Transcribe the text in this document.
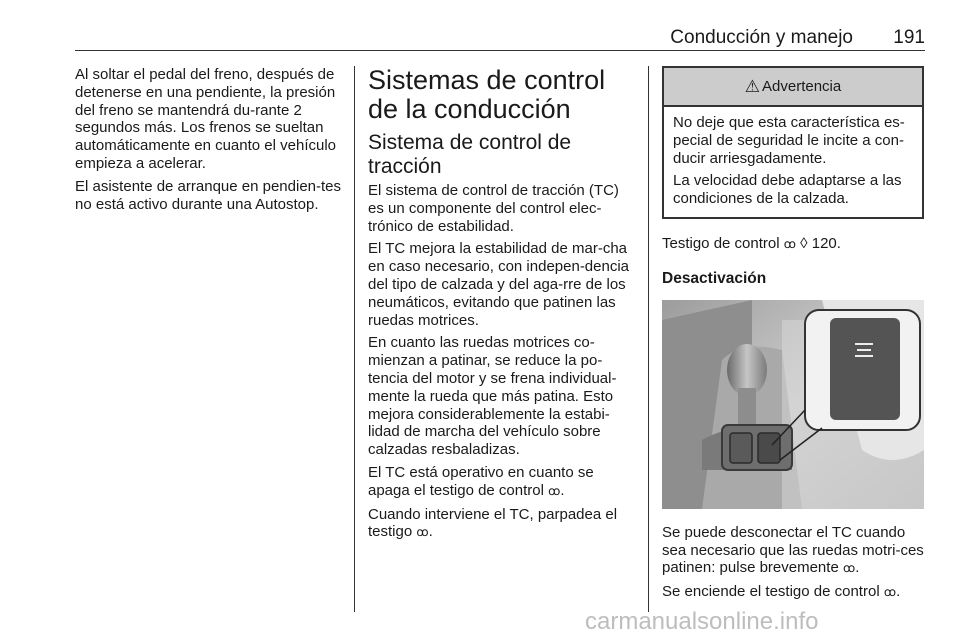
Conducción y manejo 191

Al soltar el pedal del freno, después de detenerse en una pendiente, la presión del freno se mantendrá du-rante 2 segundos más. Los frenos se sueltan automáticamente en cuanto el vehículo empieza a acelerar.

El asistente de arranque en pendien-tes no está activo durante una Autostop.

Sistemas de control de la conducción
Sistema de control de tracción

El sistema de control de tracción (TC) es un componente del control elec-trónico de estabilidad.

El TC mejora la estabilidad de mar-cha en caso necesario, con indepen-dencia del tipo de calzada y del aga-rre de los neumáticos, evitando que patinen las ruedas motrices.

En cuanto las ruedas motrices co-mienzan a patinar, se reduce la po-tencia del motor y se frena individual-mente la rueda que más patina. Esto mejora considerablemente la estabi-lidad de marcha del vehículo sobre calzadas resbaladizas.

El TC está operativo en cuanto se apaga el testigo de control ꝏ.

Cuando interviene el TC, parpadea el testigo ꝏ.

⚠ Advertencia

No deje que esta característica es-pecial de seguridad le incite a con-ducir arriesgadamente.

La velocidad debe adaptarse a las condiciones de la calzada.

Testigo de control ꝏ ◊ 120.

Desactivación

Se puede desconectar el TC cuando sea necesario que las ruedas motri-ces patinen: pulse brevemente ꝏ.

Se enciende el testigo de control ꝏ.

carmanualsonline.info
